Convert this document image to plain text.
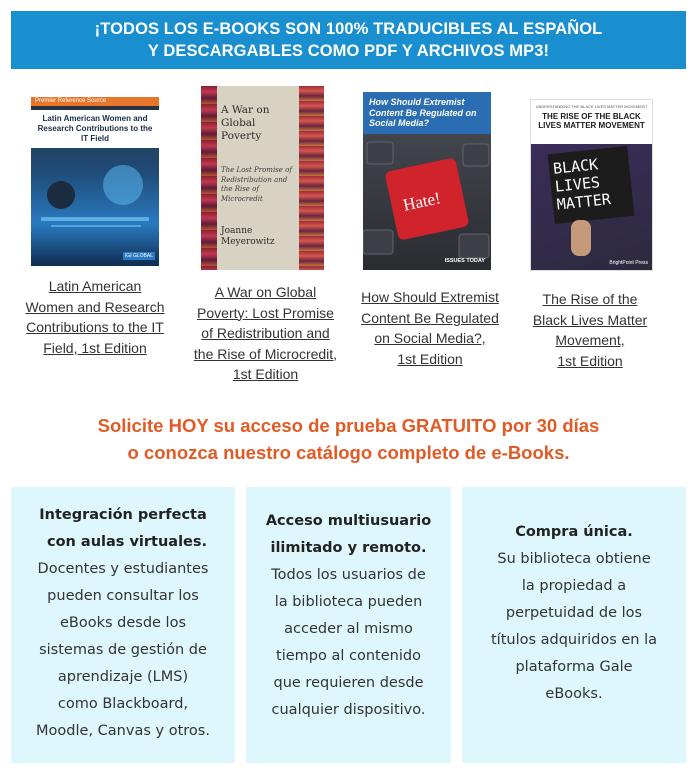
¡TODOS LOS E-BOOKS SON 100% TRADUCIBLES AL ESPAÑOL
Y DESCARGABLES COMO PDF Y ARCHIVOS MP3!
Premier Reference Source
Latin American Women and Research Contributions to the IT Field
IGI GLOBAL
A War on Global Poverty
The Lost Promise of Redistribution and the Rise of Microcredit
Joanne Meyerowitz
How Should Extremist Content Be Regulated on Social Media?
Hate!
ISSUES TODAY
UNDERSTANDING THE BLACK LIVES MATTER MOVEMENT
THE RISE OF THE BLACK LIVES MATTER MOVEMENT
BLACK
LIVES
MATTER
BrightPoint Press
Latin American
Women and Research
Contributions to the IT
Field, 1st Edition
A War on Global
Poverty: Lost Promise
of Redistribution and
the Rise of Microcredit,
1st Edition
How Should Extremist
Content Be Regulated
on Social Media?,
1st Edition
The Rise of the
Black Lives Matter
Movement,
1st Edition
Solicite HOY su acceso de prueba GRATUITO por 30 días
o conozca nuestro catálogo completo de e-Books.
Integración perfecta
con aulas virtuales.
Docentes y estudiantes
pueden consultar los
eBooks desde los
sistemas de gestión de
aprendizaje (LMS)
como Blackboard,
Moodle, Canvas y otros.
Acceso multiusuario
ilimitado y remoto.
Todos los usuarios de
la biblioteca pueden
acceder al mismo
tiempo al contenido
que requieren desde
cualquier dispositivo.
Compra única.
Su biblioteca obtiene
la propiedad a
perpetuidad de los
títulos adquiridos en la
plataforma Gale
eBooks.
